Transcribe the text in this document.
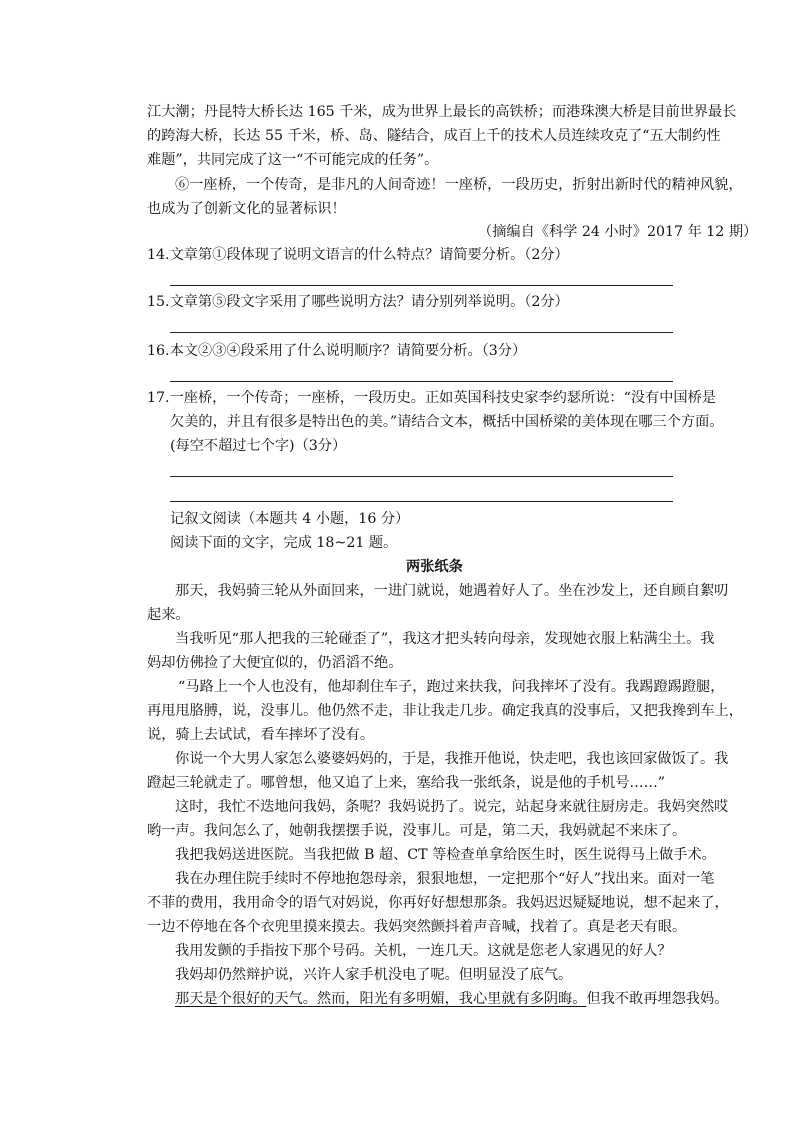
江大潮；丹昆特大桥长达 165 千米，成为世界上最长的高铁桥；而港珠澳大桥是目前世界最长
的跨海大桥，长达 55 千米，桥、岛、隧结合，成百上千的技术人员连续攻克了“五大制约性
难题”，共同完成了这一“不可能完成的任务”。
⑥一座桥，一个传奇，是非凡的人间奇迹！一座桥，一段历史，折射出新时代的精神风貌，
也成为了创新文化的显著标识！
（摘编自《科学 24 小时》2017 年 12 期）
14.文章第①段体现了说明文语言的什么特点？请简要分析。（2分）
15.文章第⑤段文字采用了哪些说明方法？请分别列举说明。（2分）
16.本文②③④段采用了什么说明顺序？请简要分析。（3分）
17.一座桥，一个传奇；一座桥，一段历史。正如英国科技史家李约瑟所说：“没有中国桥是
欠美的，并且有很多是特出色的美。”请结合文本，概括中国桥梁的美体现在哪三个方面。
(每空不超过七个字)（3分）
记叙文阅读（本题共 4 小题，16 分）
阅读下面的文字，完成 18~21 题。
两张纸条
那天，我妈骑三轮从外面回来，一进门就说，她遇着好人了。坐在沙发上，还自顾自絮叨
起来。
当我听见“那人把我的三轮碰歪了”，我这才把头转向母亲，发现她衣服上粘满尘土。我
妈却仿佛捡了大便宜似的，仍滔滔不绝。
“马路上一个人也没有，他却刹住车子，跑过来扶我，问我摔坏了没有。我踢蹬踢蹬腿，
再甩甩胳膊，说，没事儿。他仍然不走，非让我走几步。确定我真的没事后，又把我搀到车上，
说，骑上去试试，看车摔坏了没有。
你说一个大男人家怎么婆婆妈妈的，于是，我推开他说，快走吧，我也该回家做饭了。我
蹬起三轮就走了。哪曾想，他又追了上来，塞给我一张纸条，说是他的手机号……”
这时，我忙不迭地问我妈，条呢？我妈说扔了。说完，站起身来就往厨房走。我妈突然哎
哟一声。我问怎么了，她朝我摆摆手说，没事儿。可是，第二天，我妈就起不来床了。
我把我妈送进医院。当我把做 B 超、CT 等检查单拿给医生时，医生说得马上做手术。
我在办理住院手续时不停地抱怨母亲，狠狠地想，一定把那个“好人”找出来。面对一笔
不菲的费用，我用命令的语气对妈说，你再好好想想那条。我妈迟迟疑疑地说，想不起来了，
一边不停地在各个衣兜里摸来摸去。我妈突然颤抖着声音喊，找着了。真是老天有眼。
我用发颤的手指按下那个号码。关机，一连几天。这就是您老人家遇见的好人？
我妈却仍然辩护说，兴许人家手机没电了呢。但明显没了底气。
那天是个很好的天气。然而，阳光有多明媚，我心里就有多阴晦。但我不敢再埋怨我妈。
